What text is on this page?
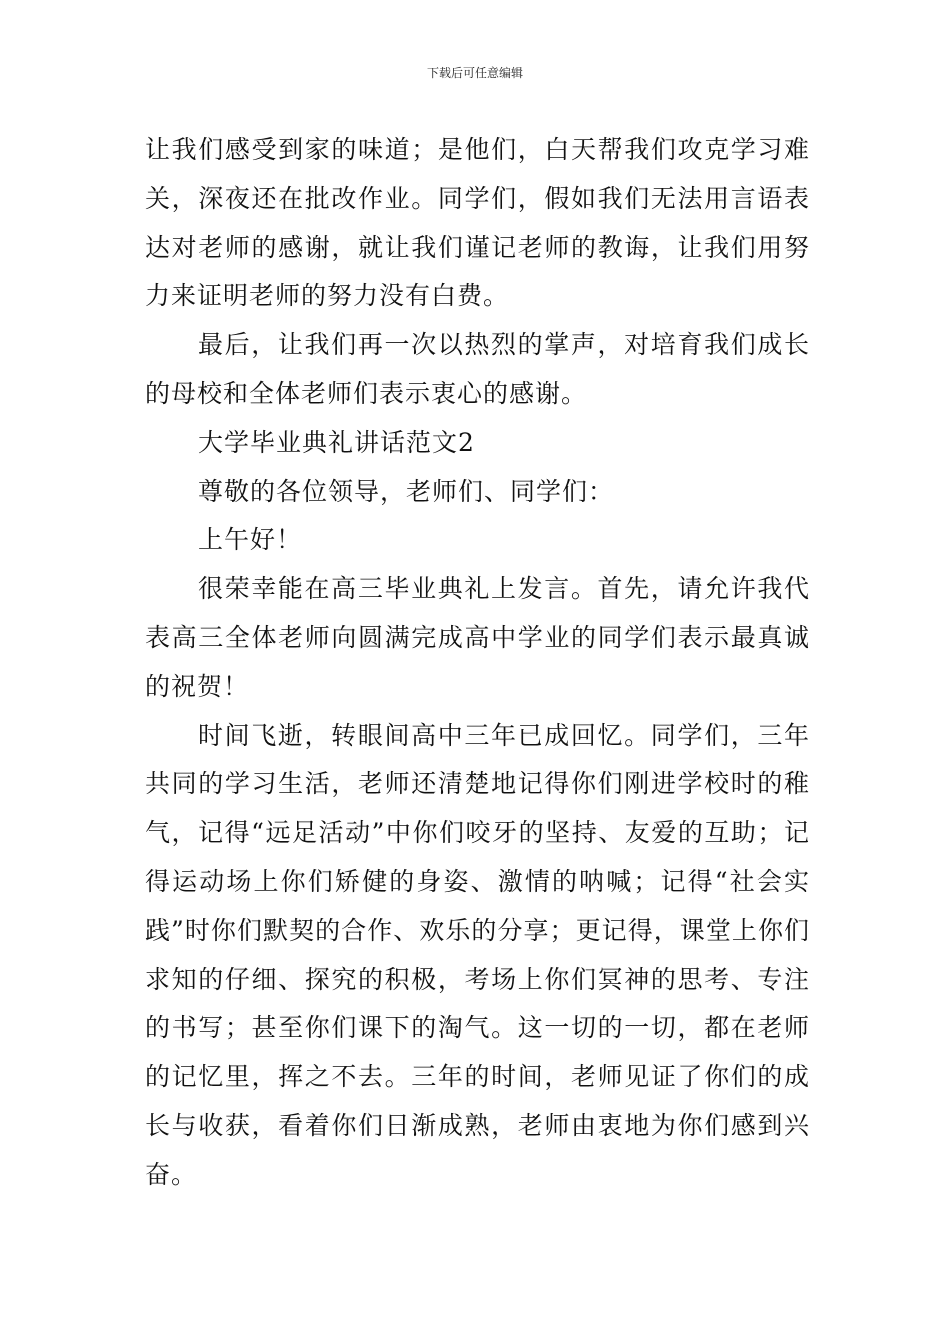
下载后可任意编辑

让我们感受到家的味道；是他们，白天帮我们攻克学习难关，深夜还在批改作业。同学们，假如我们无法用言语表达对老师的感谢，就让我们谨记老师的教诲，让我们用努力来证明老师的努力没有白费。

最后，让我们再一次以热烈的掌声，对培育我们成长的母校和全体老师们表示衷心的感谢。

大学毕业典礼讲话范文2

尊敬的各位领导，老师们、同学们：

上午好！

很荣幸能在高三毕业典礼上发言。首先，请允许我代表高三全体老师向圆满完成高中学业的同学们表示最真诚的祝贺！

时间飞逝，转眼间高中三年已成回忆。同学们，三年共同的学习生活，老师还清楚地记得你们刚进学校时的稚气，记得“远足活动”中你们咬牙的坚持、友爱的互助；记得运动场上你们矫健的身姿、激情的呐喊；记得“社会实践”时你们默契的合作、欢乐的分享；更记得，课堂上你们求知的仔细、探究的积极，考场上你们冥神的思考、专注的书写；甚至你们课下的淘气。这一切的一切，都在老师的记忆里，挥之不去。三年的时间，老师见证了你们的成长与收获，看着你们日渐成熟，老师由衷地为你们感到兴奋。
